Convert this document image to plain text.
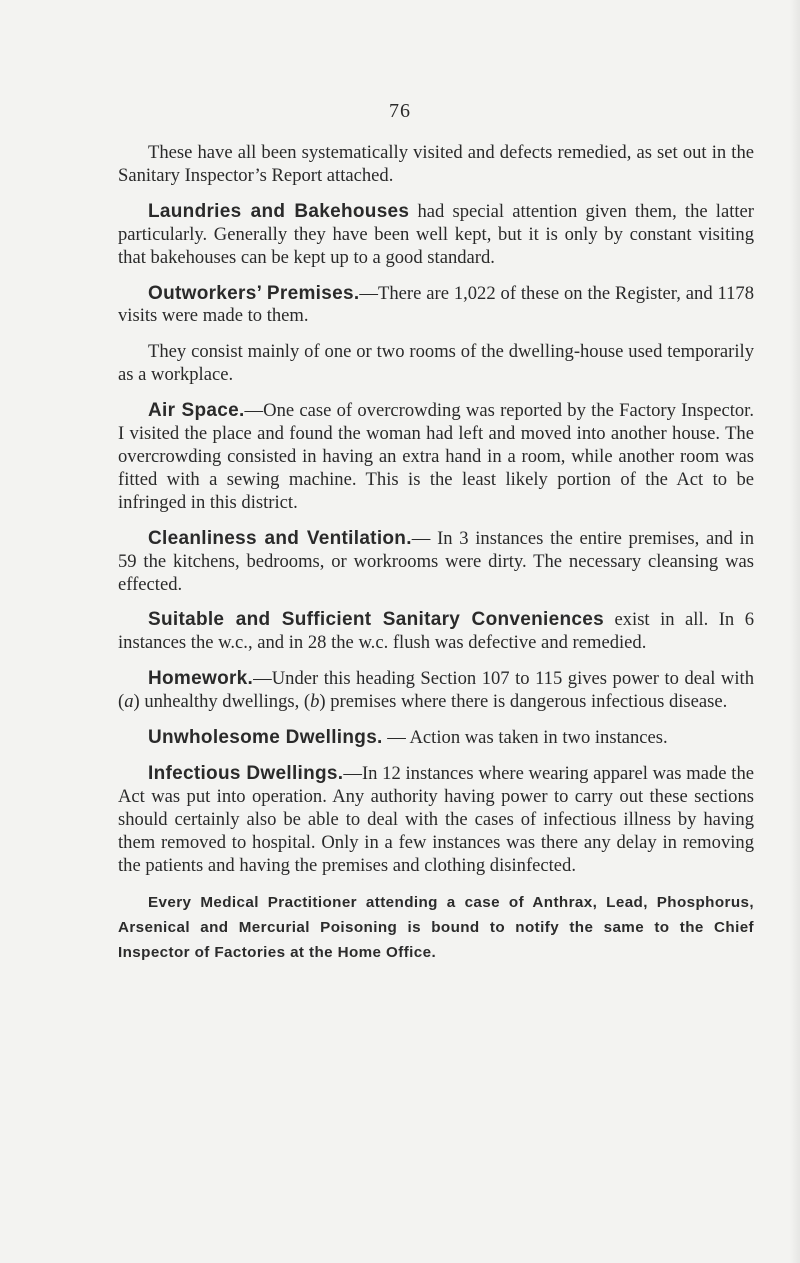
76

These have all been systematically visited and defects remedied, as set out in the Sanitary Inspector’s Report attached.

Laundries and Bakehouses had special attention given them, the latter particularly. Generally they have been well kept, but it is only by constant visiting that bakehouses can be kept up to a good standard.

Outworkers’ Premises.—There are 1,022 of these on the Register, and 1178 visits were made to them.

They consist mainly of one or two rooms of the dwelling-house used temporarily as a workplace.

Air Space.—One case of overcrowding was reported by the Factory Inspector. I visited the place and found the woman had left and moved into another house. The overcrowding consisted in having an extra hand in a room, while another room was fitted with a sewing machine. This is the least likely portion of the Act to be infringed in this district.

Cleanliness and Ventilation.— In 3 instances the entire premises, and in 59 the kitchens, bedrooms, or workrooms were dirty. The necessary cleansing was effected.

Suitable and Sufficient Sanitary Conveniences exist in all. In 6 instances the w.c., and in 28 the w.c. flush was defective and remedied.

Homework.—Under this heading Section 107 to 115 gives power to deal with (a) unhealthy dwellings, (b) premises where there is dangerous infectious disease.

Unwholesome Dwellings. — Action was taken in two instances.

Infectious Dwellings.—In 12 instances where wearing apparel was made the Act was put into operation. Any authority having power to carry out these sections should certainly also be able to deal with the cases of infectious illness by having them removed to hospital. Only in a few instances was there any delay in removing the patients and having the premises and clothing disinfected.

Every Medical Practitioner attending a case of Anthrax, Lead, Phosphorus, Arsenical and Mercurial Poisoning is bound to notify the same to the Chief Inspector of Factories at the Home Office.
